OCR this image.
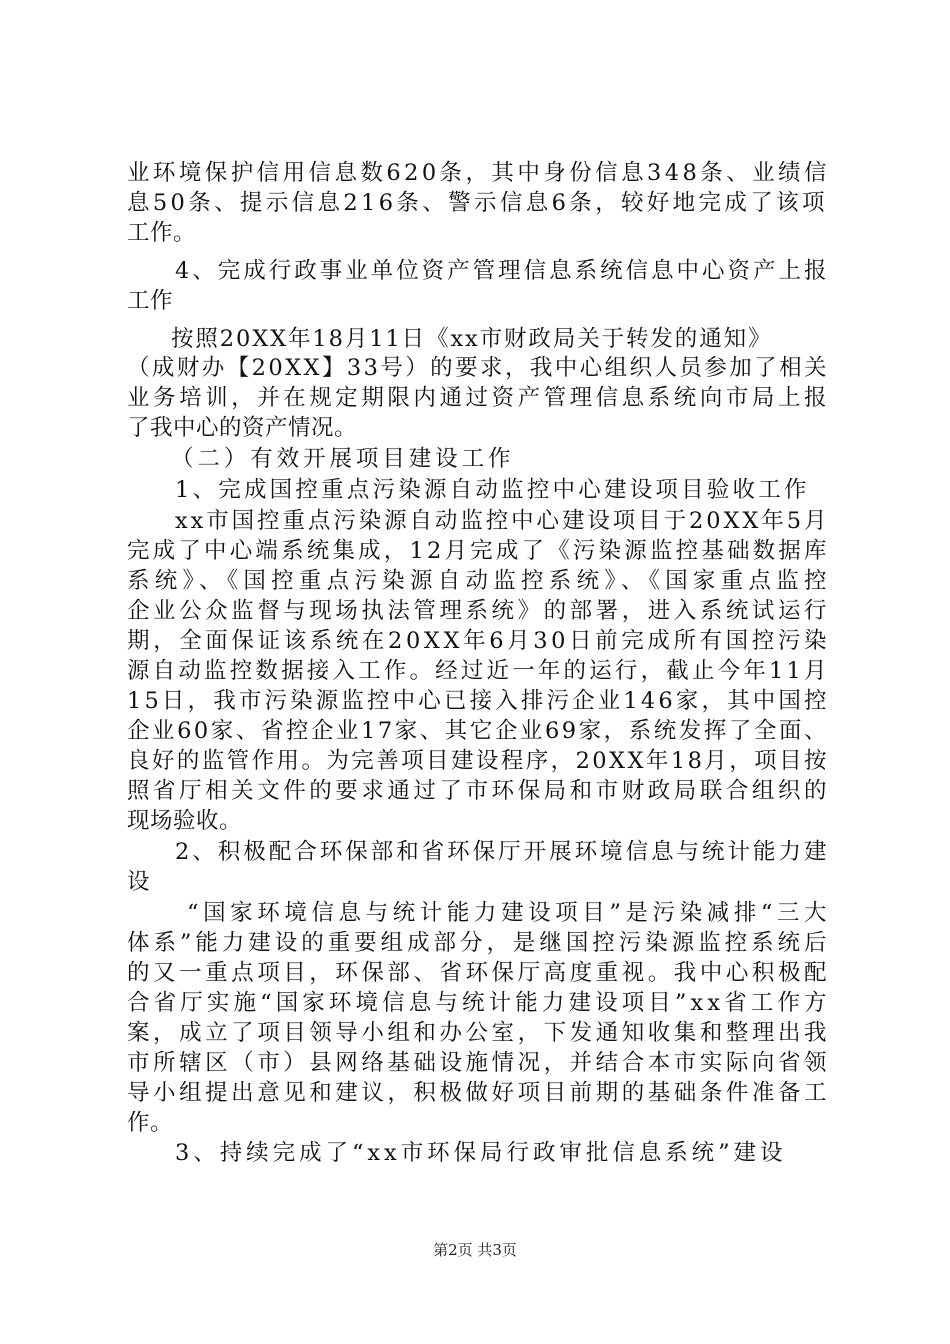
业环境保护信用信息数620条，其中身份信息348条、业绩信
息50条、提示信息216条、警示信息6条，较好地完成了该项
工作。
4、完成行政事业单位资产管理信息系统信息中心资产上报
工作
按照20XX年18月11日《xx市财政局关于转发的通知》
（成财办【20XX】33号）的要求，我中心组织人员参加了相关
业务培训，并在规定期限内通过资产管理信息系统向市局上报
了我中心的资产情况。
（二）有效开展项目建设工作
1、完成国控重点污染源自动监控中心建设项目验收工作
xx市国控重点污染源自动监控中心建设项目于20XX年5月
完成了中心端系统集成，12月完成了《污染源监控基础数据库
系统》、《国控重点污染源自动监控系统》、《国家重点监控
企业公众监督与现场执法管理系统》的部署，进入系统试运行
期，全面保证该系统在20XX年6月30日前完成所有国控污染
源自动监控数据接入工作。经过近一年的运行，截止今年11月
15日，我市污染源监控中心已接入排污企业146家，其中国控
企业60家、省控企业17家、其它企业69家，系统发挥了全面、
良好的监管作用。为完善项目建设程序，20XX年18月，项目按
照省厅相关文件的要求通过了市环保局和市财政局联合组织的
现场验收。
2、积极配合环保部和省环保厅开展环境信息与统计能力建
设
“国家环境信息与统计能力建设项目”是污染减排“三大
体系”能力建设的重要组成部分，是继国控污染源监控系统后
的又一重点项目，环保部、省环保厅高度重视。我中心积极配
合省厅实施“国家环境信息与统计能力建设项目”xx省工作方
案，成立了项目领导小组和办公室，下发通知收集和整理出我
市所辖区（市）县网络基础设施情况，并结合本市实际向省领
导小组提出意见和建议，积极做好项目前期的基础条件准备工
作。
3、持续完成了“xx市环保局行政审批信息系统”建设
第2页 共3页
